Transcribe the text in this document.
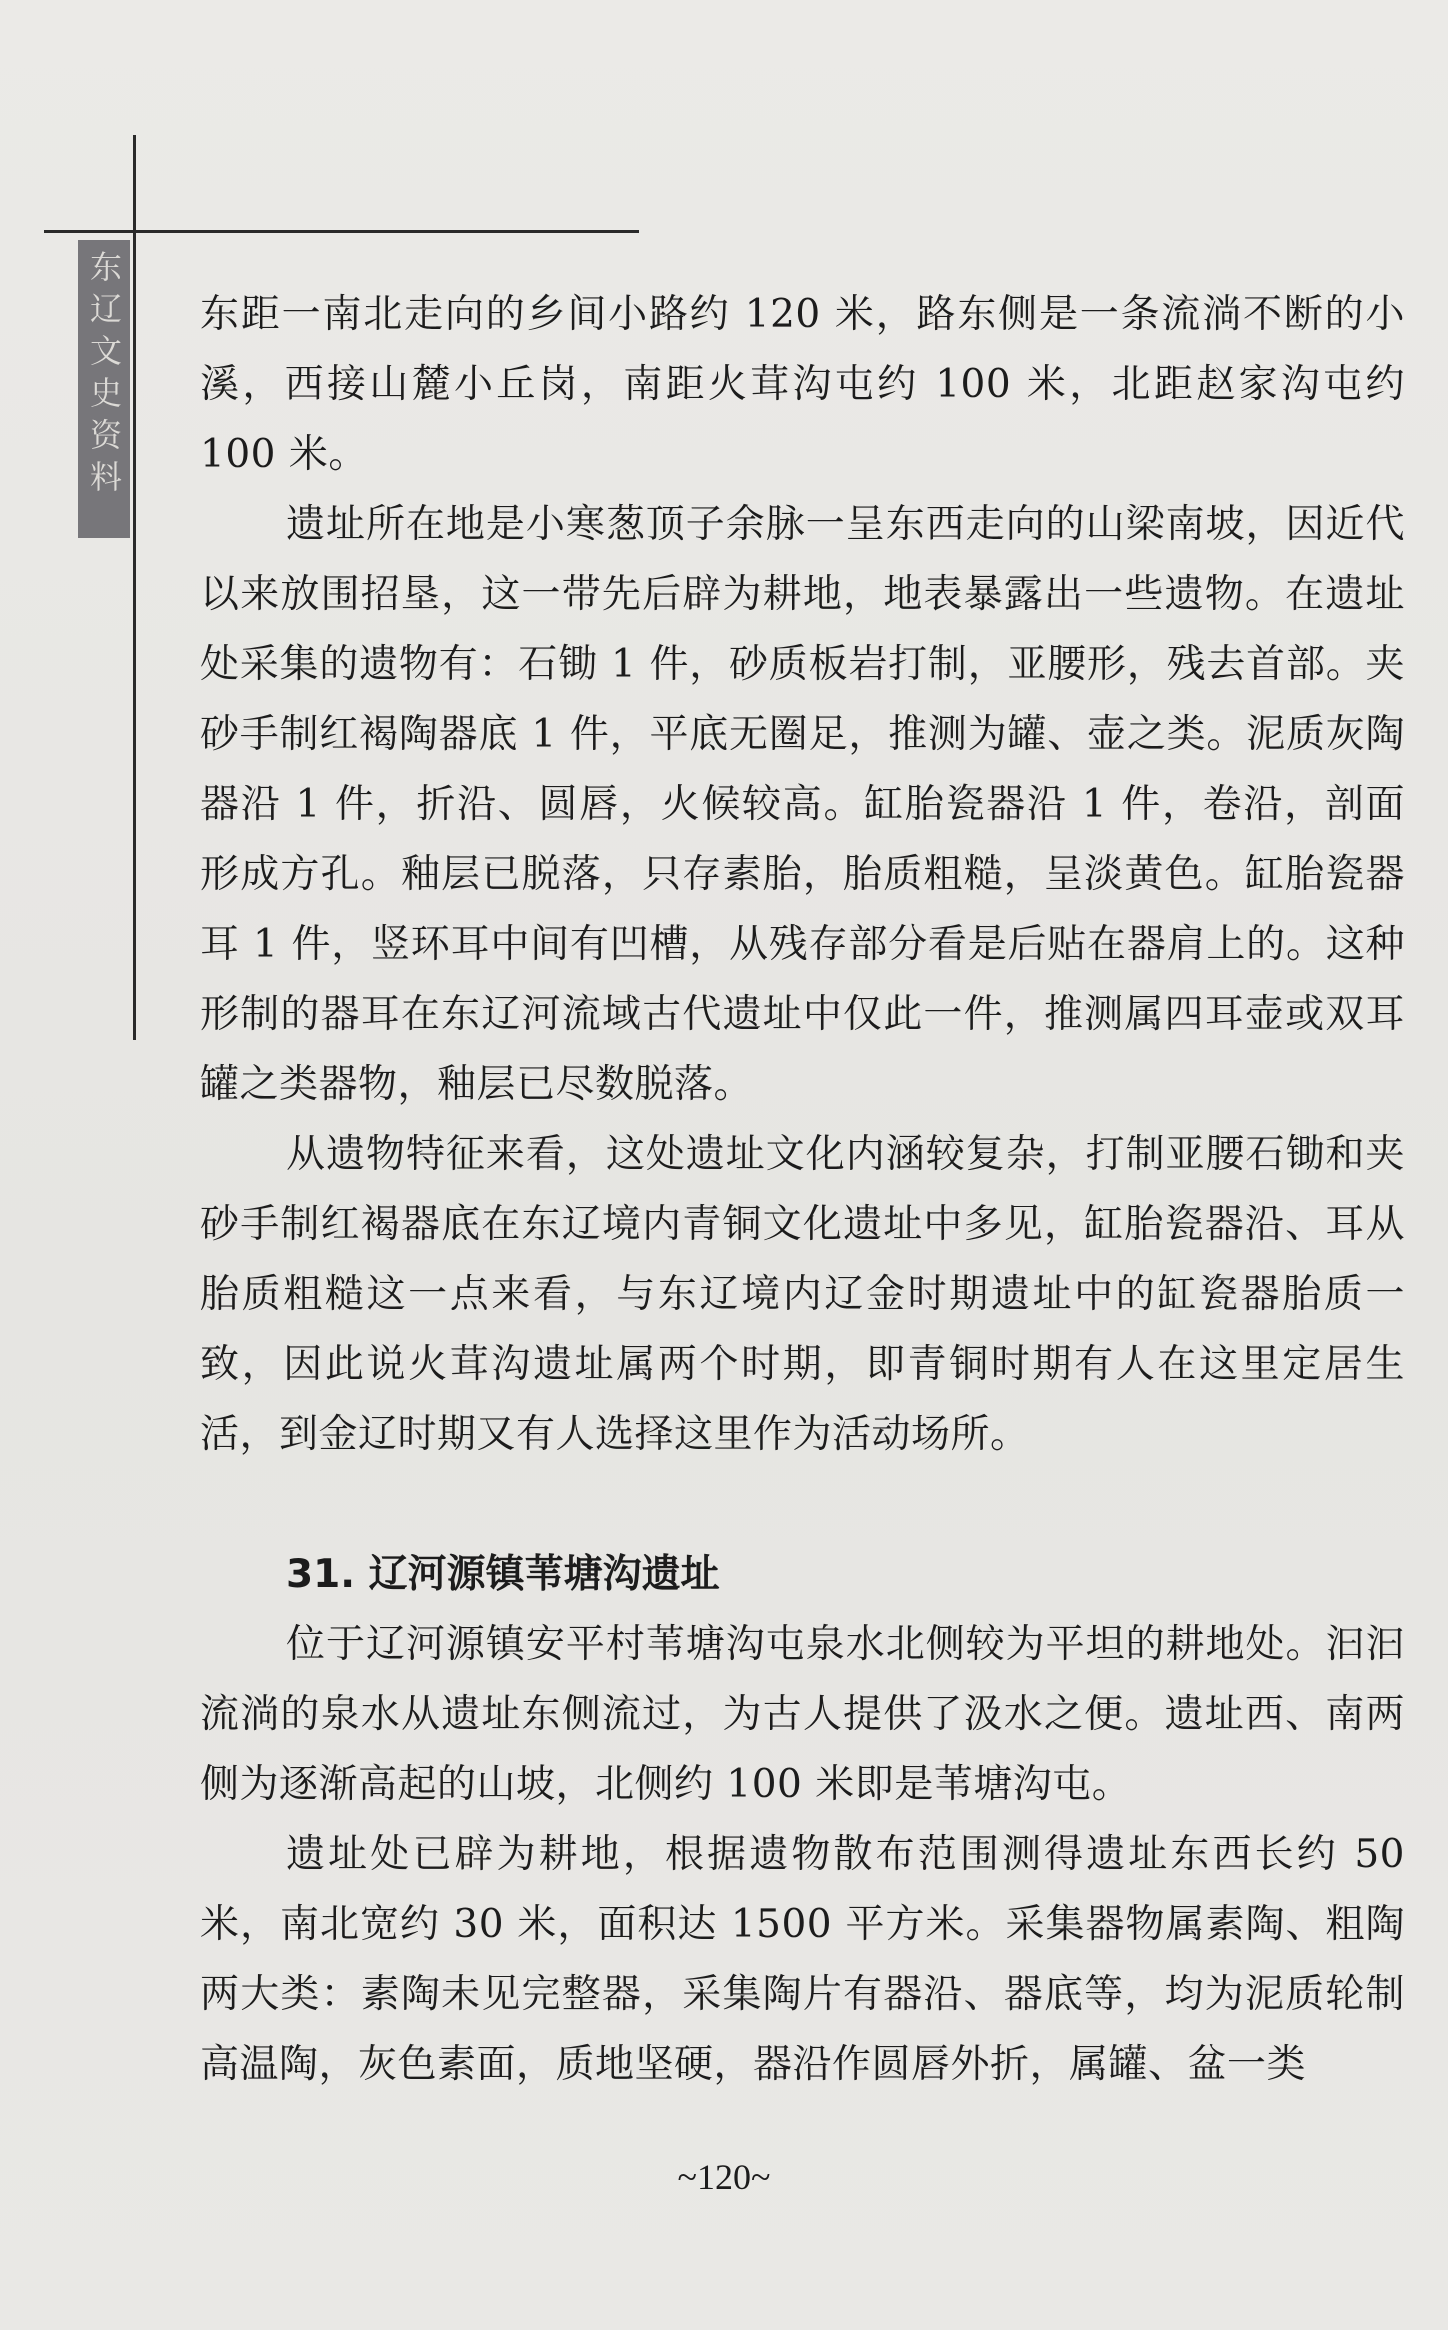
东辽文史资料 东距一南北走向的乡间小路约 120 米，路东侧是一条流淌不断的小溪，西接山麓小丘岗，南距火茸沟屯约 100 米，北距赵家沟屯约 100 米。

遗址所在地是小寒葱顶子余脉一呈东西走向的山梁南坡，因近代以来放围招垦，这一带先后辟为耕地，地表暴露出一些遗物。在遗址处采集的遗物有：石锄 1 件，砂质板岩打制，亚腰形，残去首部。夹砂手制红褐陶器底 1 件，平底无圈足，推测为罐、壶之类。泥质灰陶器沿 1 件，折沿、圆唇，火候较高。缸胎瓷器沿 1 件，卷沿，剖面形成方孔。釉层已脱落，只存素胎，胎质粗糙，呈淡黄色。缸胎瓷器耳 1 件，竖环耳中间有凹槽，从残存部分看是后贴在器肩上的。这种形制的器耳在东辽河流域古代遗址中仅此一件，推测属四耳壶或双耳罐之类器物，釉层已尽数脱落。

从遗物特征来看，这处遗址文化内涵较复杂，打制亚腰石锄和夹砂手制红褐器底在东辽境内青铜文化遗址中多见，缸胎瓷器沿、耳从胎质粗糙这一点来看，与东辽境内辽金时期遗址中的缸瓷器胎质一致，因此说火茸沟遗址属两个时期，即青铜时期有人在这里定居生活，到金辽时期又有人选择这里作为活动场所。

31. 辽河源镇苇塘沟遗址

位于辽河源镇安平村苇塘沟屯泉水北侧较为平坦的耕地处。汩汩流淌的泉水从遗址东侧流过，为古人提供了汲水之便。遗址西、南两侧为逐渐高起的山坡，北侧约 100 米即是苇塘沟屯。

遗址处已辟为耕地，根据遗物散布范围测得遗址东西长约 50 米，南北宽约 30 米，面积达 1500 平方米。采集器物属素陶、粗陶两大类：素陶未见完整器，采集陶片有器沿、器底等，均为泥质轮制高温陶，灰色素面，质地坚硬，器沿作圆唇外折，属罐、盆一类

~120~
